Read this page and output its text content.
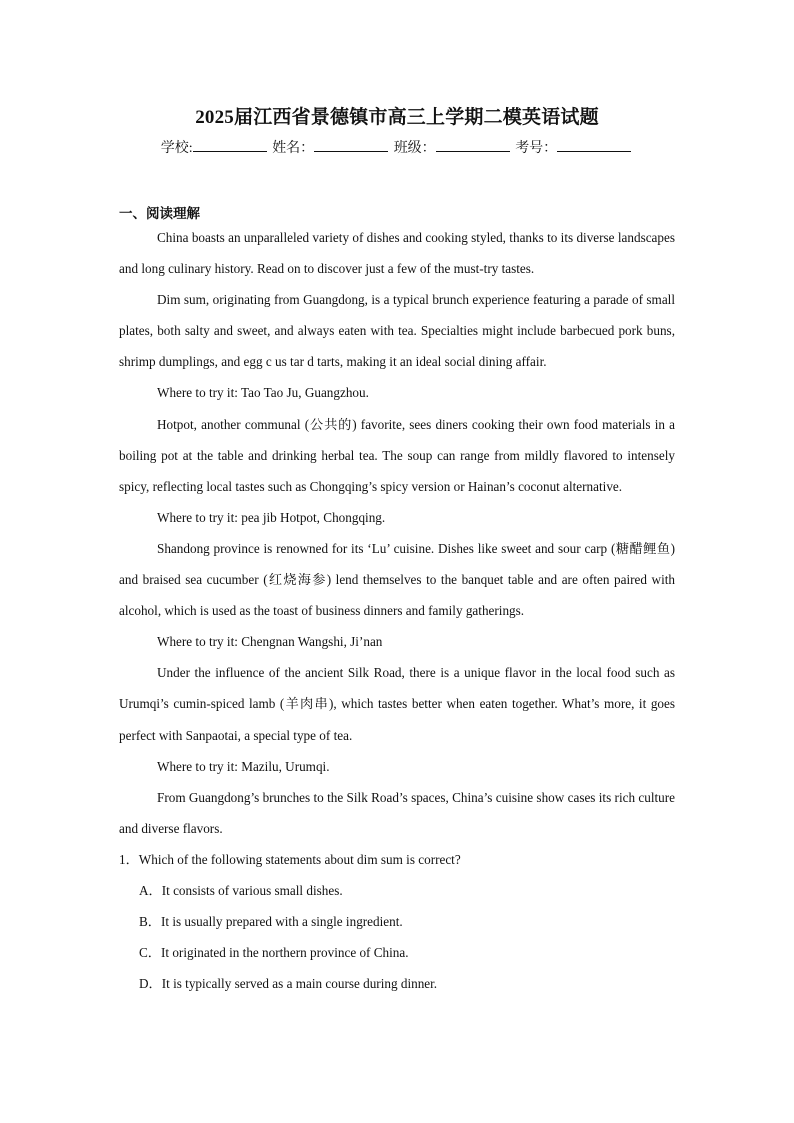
2025届江西省景德镇市高三上学期二模英语试题
学校:	姓名：	班级：	考号：
一、阅读理解

China boasts an unparalleled variety of dishes and cooking styled, thanks to its diverse landscapes and long culinary history. Read on to discover just a few of the must-try tastes.

Dim sum, originating from Guangdong, is a typical brunch experience featuring a parade of small plates, both salty and sweet, and always eaten with tea. Specialties might include barbecued pork buns, shrimp dumplings, and egg c us tar d tarts, making it an ideal social dining affair.

Where to try it: Tao Tao Ju, Guangzhou.

Hotpot, another communal (公共的) favorite, sees diners cooking their own food materials in a boiling pot at the table and drinking herbal tea. The soup can range from mildly flavored to intensely spicy, reflecting local tastes such as Chongqing’s spicy version or Hainan’s coconut alternative.

Where to try it: pea jib Hotpot, Chongqing.

Shandong province is renowned for its ‘Lu’ cuisine. Dishes like sweet and sour carp (糖醋鲤鱼) and braised sea cucumber (红烧海参) lend themselves to the banquet table and are often paired with alcohol, which is used as the toast of business dinners and family gatherings.

Where to try it: Chengnan Wangshi, Ji’nan

Under the influence of the ancient Silk Road, there is a unique flavor in the local food such as Urumqi’s cumin-spiced lamb (羊肉串), which tastes better when eaten together. What’s more, it goes perfect with Sanpaotai, a special type of tea.

Where to try it: Mazilu, Urumqi.

From Guangdong’s brunches to the Silk Road’s spaces, China’s cuisine show cases its rich culture and diverse flavors.

1．Which of the following statements about dim sum is correct?
A．It consists of various small dishes.
B．It is usually prepared with a single ingredient.
C．It originated in the northern province of China.
D．It is typically served as a main course during dinner.
